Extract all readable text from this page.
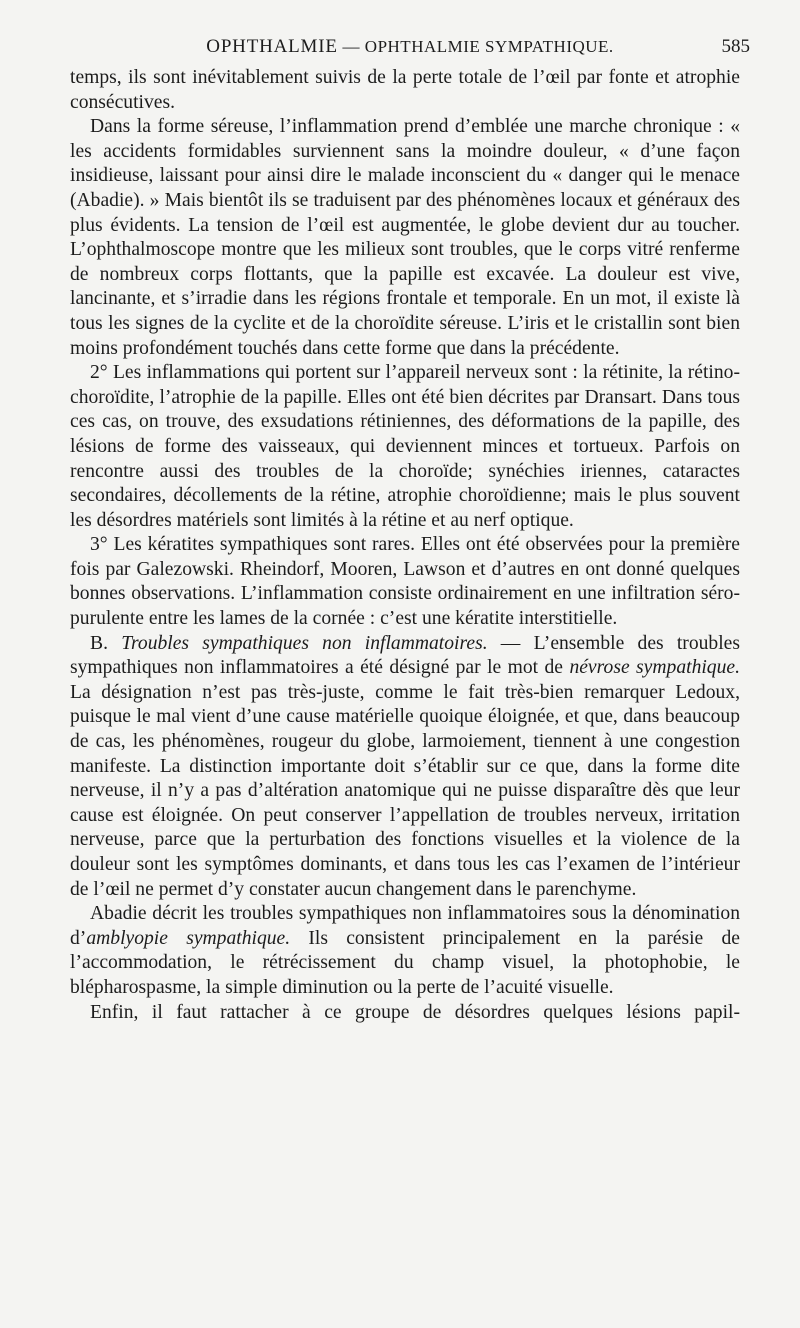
OPHTHALMIE — OPHTHALMIE SYMPATHIQUE.	585

temps, ils sont inévitablement suivis de la perte totale de l’œil par fonte et atrophie consécutives.

Dans la forme séreuse, l’inflammation prend d’emblée une marche chronique : « les accidents formidables surviennent sans la moindre douleur, « d’une façon insidieuse, laissant pour ainsi dire le malade inconscient du « danger qui le menace (Abadie). » Mais bientôt ils se traduisent par des phénomènes locaux et généraux des plus évidents. La tension de l’œil est augmentée, le globe devient dur au toucher. L’ophthalmoscope montre que les milieux sont troubles, que le corps vitré renferme de nombreux corps flottants, que la papille est excavée. La douleur est vive, lancinante, et s’irradie dans les régions frontale et temporale. En un mot, il existe là tous les signes de la cyclite et de la choroïdite séreuse. L’iris et le cristallin sont bien moins profondément touchés dans cette forme que dans la précédente.

2° Les inflammations qui portent sur l’appareil nerveux sont : la rétinite, la rétino-choroïdite, l’atrophie de la papille. Elles ont été bien décrites par Dransart. Dans tous ces cas, on trouve, des exsudations rétiniennes, des déformations de la papille, des lésions de forme des vaisseaux, qui deviennent minces et tortueux. Parfois on rencontre aussi des troubles de la choroïde; synéchies iriennes, cataractes secondaires, décollements de la rétine, atrophie choroïdienne; mais le plus souvent les désordres matériels sont limités à la rétine et au nerf optique.

3° Les kératites sympathiques sont rares. Elles ont été observées pour la première fois par Galezowski. Rheindorf, Mooren, Lawson et d’autres en ont donné quelques bonnes observations. L’inflammation consiste ordinairement en une infiltration séro-purulente entre les lames de la cornée : c’est une kératite interstitielle.

B. Troubles sympathiques non inflammatoires. — L’ensemble des troubles sympathiques non inflammatoires a été désigné par le mot de névrose sympathique. La désignation n’est pas très-juste, comme le fait très-bien remarquer Ledoux, puisque le mal vient d’une cause matérielle quoique éloignée, et que, dans beaucoup de cas, les phénomènes, rougeur du globe, larmoiement, tiennent à une congestion manifeste. La distinction importante doit s’établir sur ce que, dans la forme dite nerveuse, il n’y a pas d’altération anatomique qui ne puisse disparaître dès que leur cause est éloignée. On peut conserver l’appellation de troubles nerveux, irritation nerveuse, parce que la perturbation des fonctions visuelles et la violence de la douleur sont les symptômes dominants, et dans tous les cas l’examen de l’intérieur de l’œil ne permet d’y constater aucun changement dans le parenchyme.

Abadie décrit les troubles sympathiques non inflammatoires sous la dénomination d’amblyopie sympathique. Ils consistent principalement en la parésie de l’accommodation, le rétrécissement du champ visuel, la photophobie, le blépharospasme, la simple diminution ou la perte de l’acuité visuelle.

Enfin, il faut rattacher à ce groupe de désordres quelques lésions papil-
